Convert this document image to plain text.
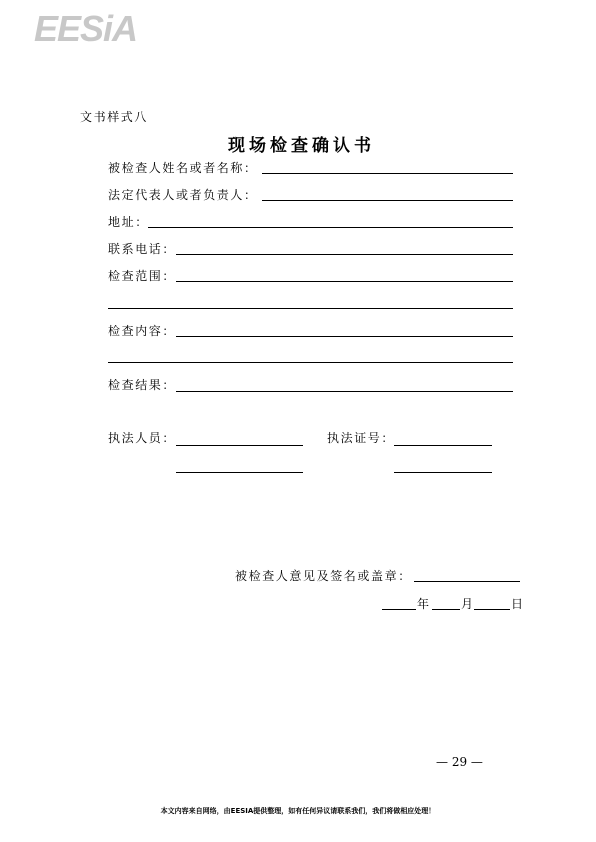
EESiA
文书样式八
现场检查确认书
被检查人姓名或者名称：
法定代表人或者负责人：
地址：
联系电话：
检查范围：
检查内容：
检查结果：
执法人员：	执法证号：
被检查人意见及签名或盖章：
年	月	日
— 29 —
本文内容来自网络，由EESIA提供整理，如有任何异议请联系我们，我们将做相应处理！
